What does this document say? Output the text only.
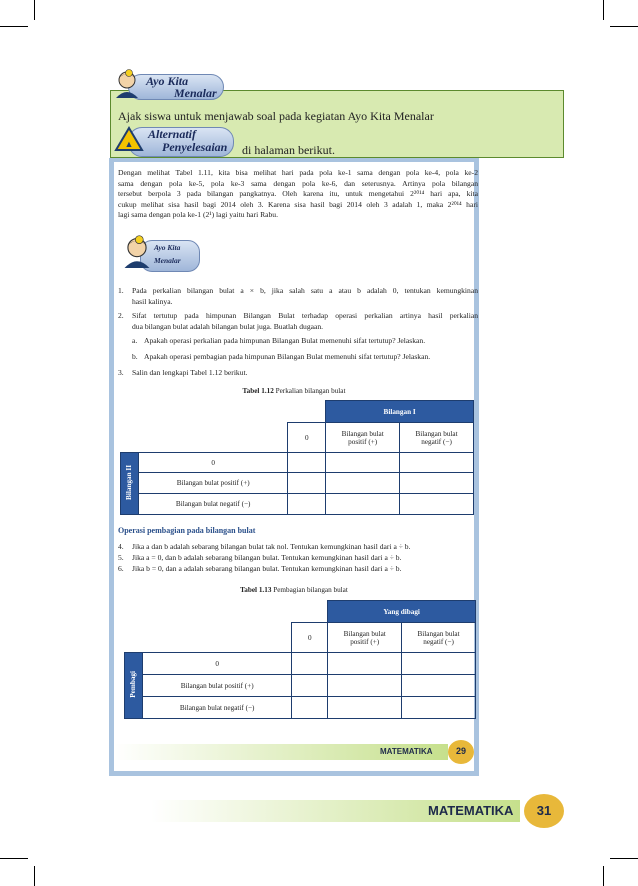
Ayo Kita
Menalar
Ajak siswa untuk menjawab soal pada kegiatan Ayo Kita Menalar
▲
Alternatif
Penyelesaian di halaman berikut.
Dengan melihat Tabel 1.11, kita bisa melihat hari pada pola ke-1 sama dengan pola ke-4, pola ke-2
sama dengan pola ke-5, pola ke-3 sama dengan pola ke-6, dan seterusnya. Artinya pola bilangan
tersebut berpola 3 pada bilangan pangkatnya. Oleh karena itu, untuk mengetahui 2²⁰¹⁴ hari apa, kita
cukup melihat sisa hasil bagi 2014 oleh 3. Karena sisa hasil bagi 2014 oleh 3 adalah 1, maka 2²⁰¹⁴ hari
lagi sama dengan pola ke-1 (2¹) lagi yaitu hari Rabu.
Ayo Kita
Menalar
1. Pada perkalian bilangan bulat a × b, jika salah satu a atau b adalah 0, tentukan kemungkinan
hasil kalinya.
2. Sifat tertutup pada himpunan Bilangan Bulat terhadap operasi perkalian artinya hasil perkalian
dua bilangan bulat adalah bilangan bulat juga. Buatlah dugaan.
a. Apakah operasi perkalian pada himpunan Bilangan Bulat memenuhi sifat tertutup? Jelaskan.
b. Apakah operasi pembagian pada himpunan Bilangan Bulat memenuhi sifat tertutup? Jelaskan.
3. Salin dan lengkapi Tabel 1.12 berikut.
Tabel 1.12 Perkalian bilangan bulat
			Bilangan I	
		0	Bilangan bulat positif (+)	Bilangan bulat negatif (−)
Bilangan II	0			
	Bilangan bulat positif (+)			
	Bilangan bulat negatif (−)			
Operasi pembagian pada bilangan bulat
4. Jika a dan b adalah sebarang bilangan bulat tak nol. Tentukan kemungkinan hasil dari a ÷ b.
5. Jika a = 0, dan b adalah sebarang bilangan bulat. Tentukan kemungkinan hasil dari a ÷ b.
6. Jika b = 0, dan a adalah sebarang bilangan bulat. Tentukan kemungkinan hasil dari a ÷ b.
Tabel 1.13 Pembagian bilangan bulat
			Yang dibagi	
		0	Bilangan bulat positif (+)	Bilangan bulat negatif (−)
Pembagi	0			
	Bilangan bulat positif (+)			
	Bilangan bulat negatif (−)			
MATEMATIKA	29
MATEMATIKA	31
